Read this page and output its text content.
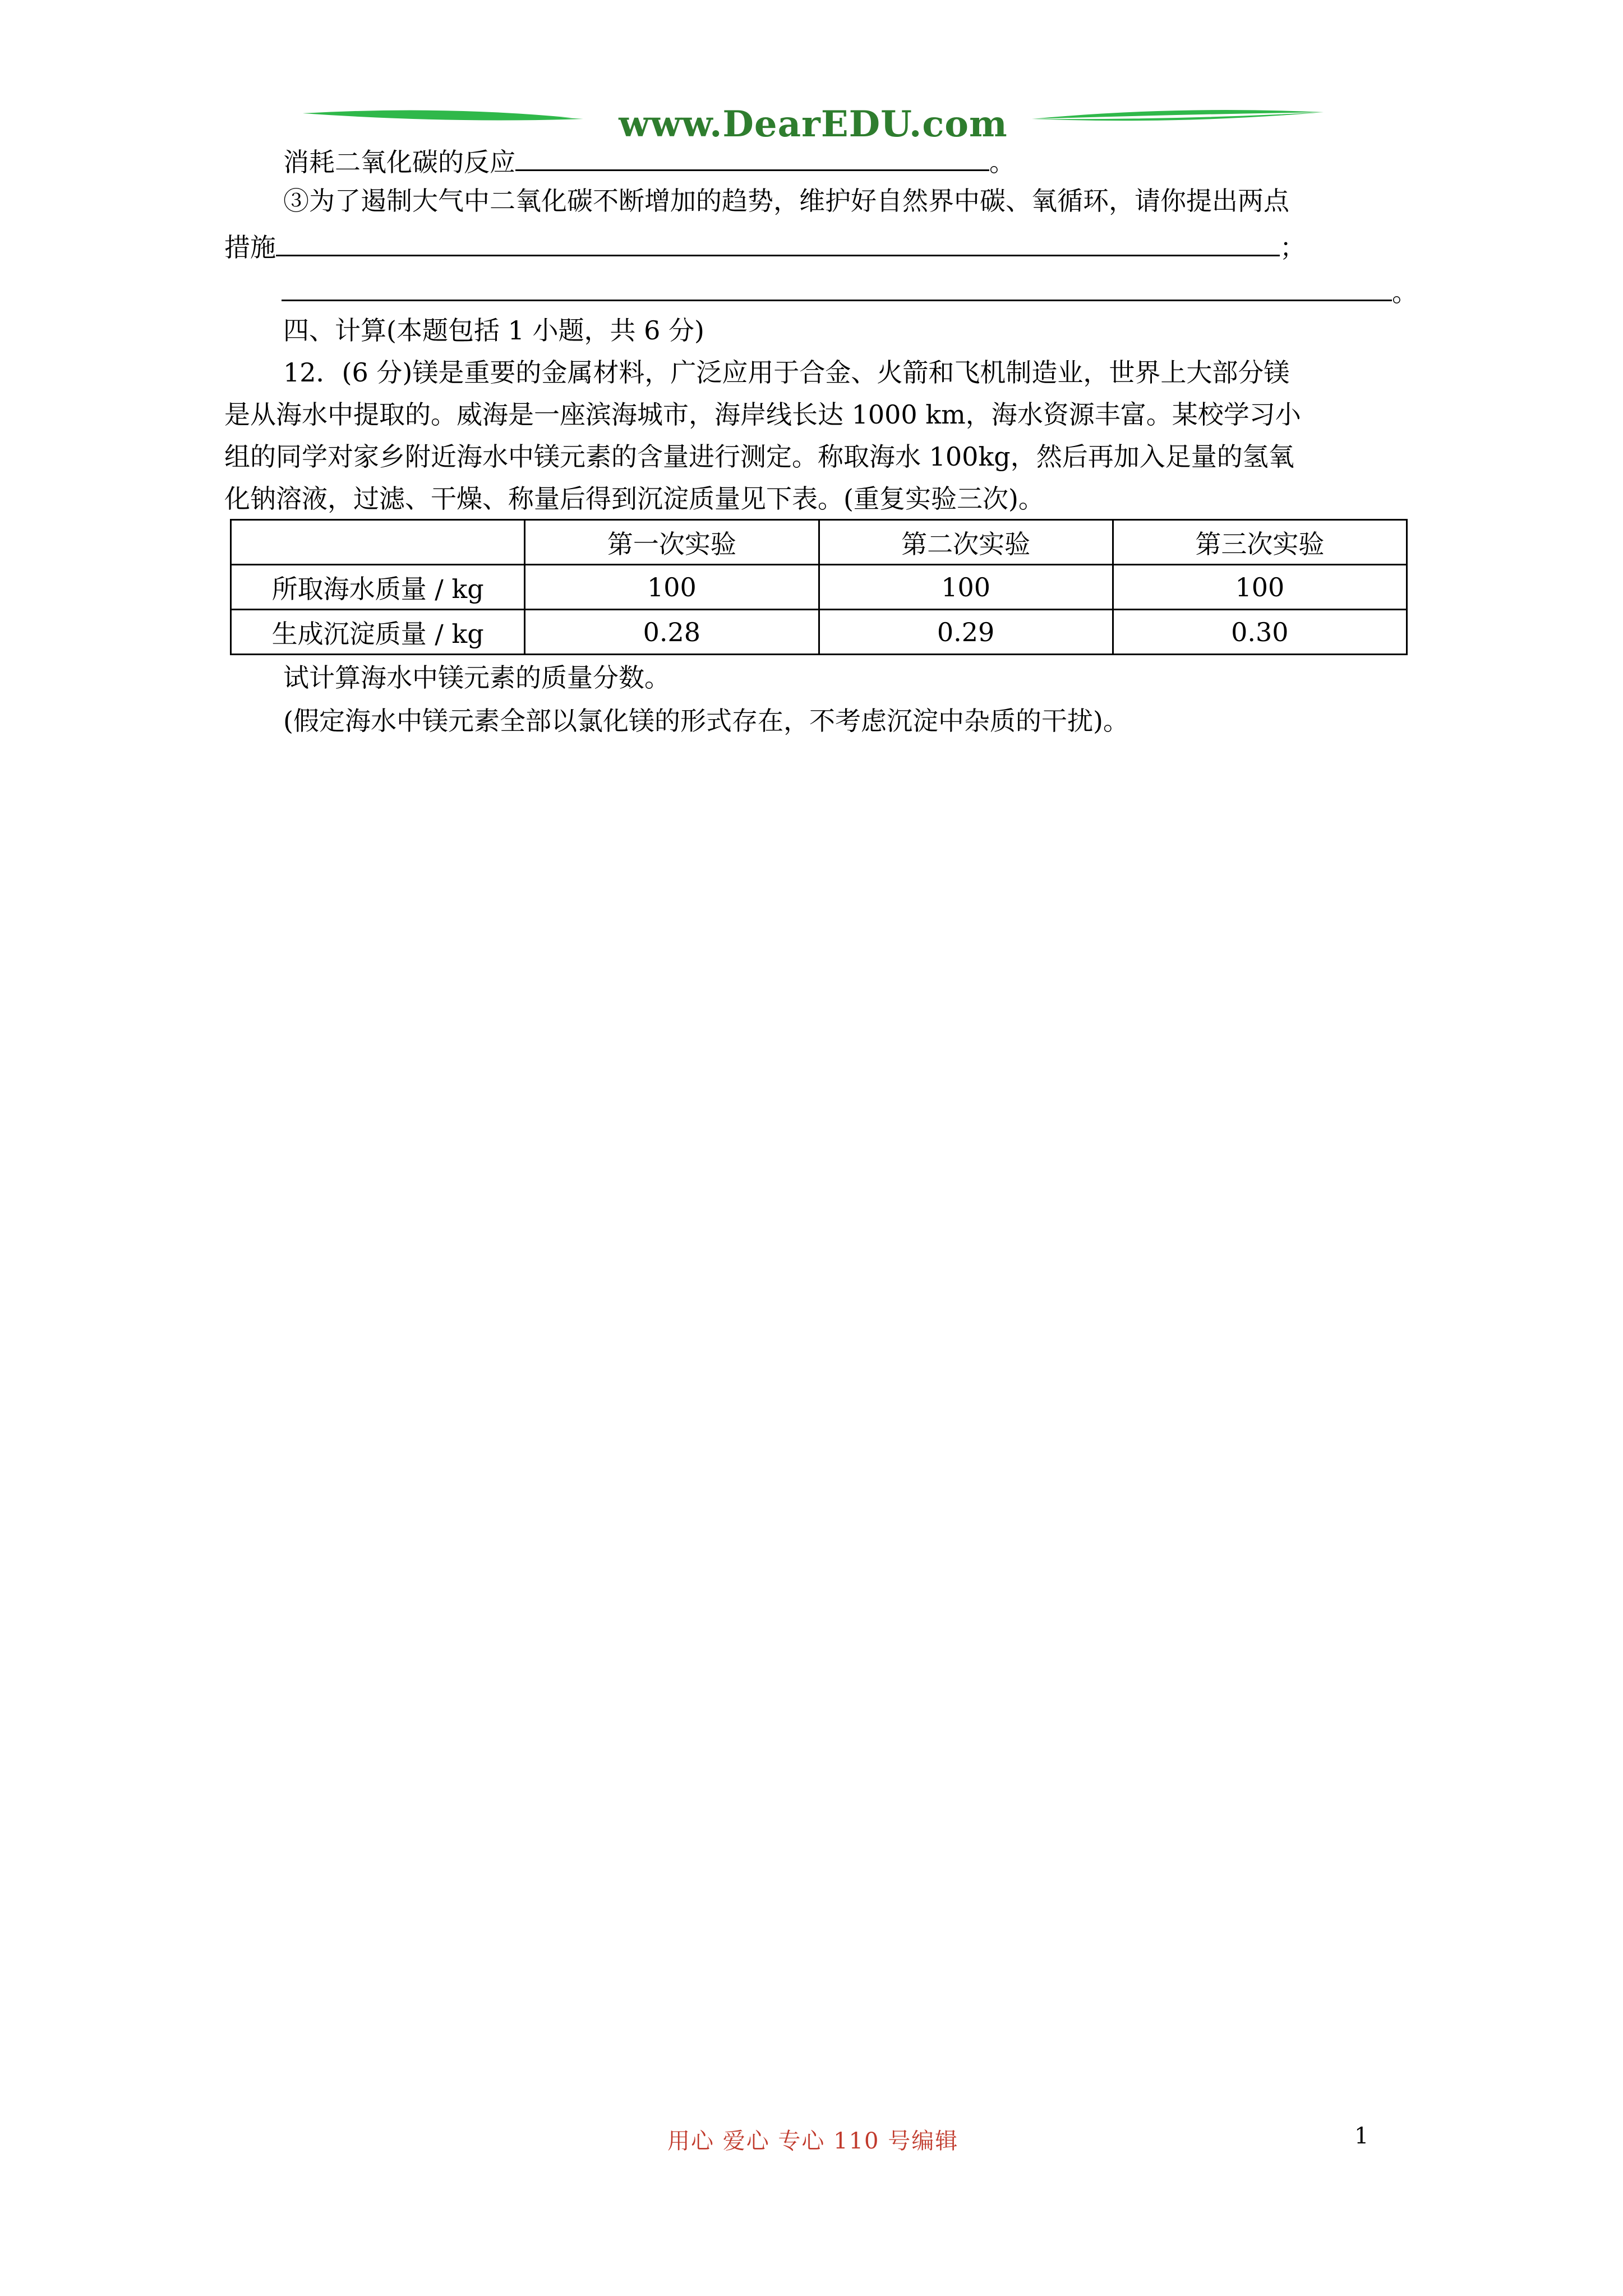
www.DearEDU.com
消耗二氧化碳的反应	。
③为了遏制大气中二氧化碳不断增加的趋势，维护好自然界中碳、氧循环，请你提出两点
措施	；
。
四、计算(本题包括 1 小题，共 6 分)
12．(6 分)镁是重要的金属材料，广泛应用于合金、火箭和飞机制造业，世界上大部分镁
是从海水中提取的。威海是一座滨海城市，海岸线长达 1000 km，海水资源丰富。某校学习小
组的同学对家乡附近海水中镁元素的含量进行测定。称取海水 100kg，然后再加入足量的氢氧
化钠溶液，过滤、干燥、称量后得到沉淀质量见下表。(重复实验三次)。
	第一次实验	第二次实验	第三次实验
所取海水质量 / kg	100	100	100
生成沉淀质量 / kg	0.28	0.29	0.30
试计算海水中镁元素的质量分数。
(假定海水中镁元素全部以氯化镁的形式存在，不考虑沉淀中杂质的干扰)。
用心 爱心 专心 110 号编辑	1
